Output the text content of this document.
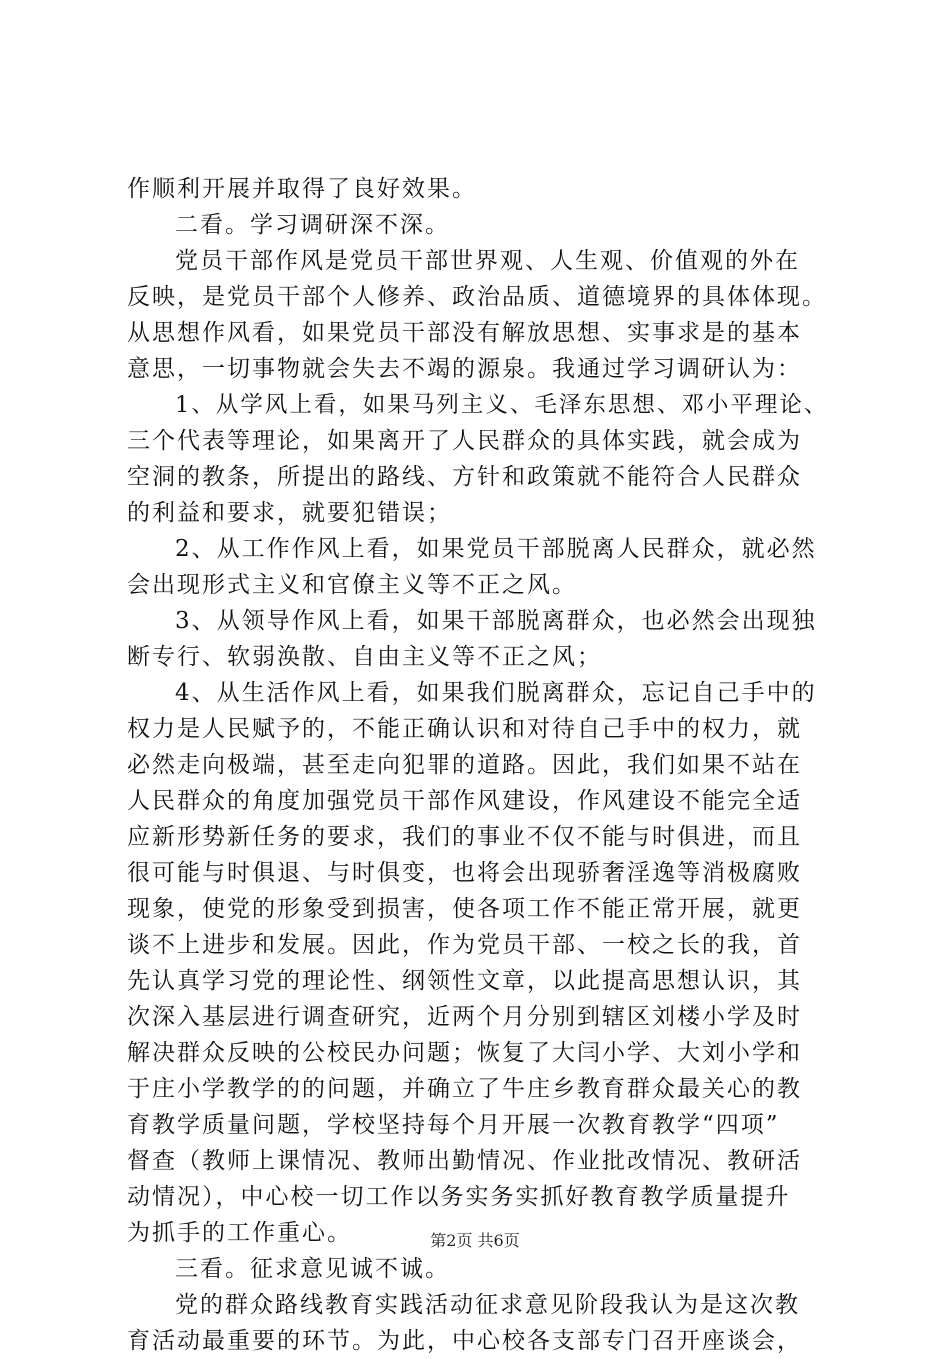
作顺利开展并取得了良好效果。
二看。学习调研深不深。
党员干部作风是党员干部世界观、人生观、价值观的外在
反映，是党员干部个人修养、政治品质、道德境界的具体体现。
从思想作风看，如果党员干部没有解放思想、实事求是的基本
意思，一切事物就会失去不竭的源泉。我通过学习调研认为：
1、从学风上看，如果马列主义、毛泽东思想、邓小平理论、
三个代表等理论，如果离开了人民群众的具体实践，就会成为
空洞的教条，所提出的路线、方针和政策就不能符合人民群众
的利益和要求，就要犯错误；
2、从工作作风上看，如果党员干部脱离人民群众，就必然
会出现形式主义和官僚主义等不正之风。
3、从领导作风上看，如果干部脱离群众，也必然会出现独
断专行、软弱涣散、自由主义等不正之风；
4、从生活作风上看，如果我们脱离群众，忘记自己手中的
权力是人民赋予的，不能正确认识和对待自己手中的权力，就
必然走向极端，甚至走向犯罪的道路。因此，我们如果不站在
人民群众的角度加强党员干部作风建设，作风建设不能完全适
应新形势新任务的要求，我们的事业不仅不能与时俱进，而且
很可能与时俱退、与时俱变，也将会出现骄奢淫逸等消极腐败
现象，使党的形象受到损害，使各项工作不能正常开展，就更
谈不上进步和发展。因此，作为党员干部、一校之长的我，首
先认真学习党的理论性、纲领性文章，以此提高思想认识，其
次深入基层进行调查研究，近两个月分别到辖区刘楼小学及时
解决群众反映的公校民办问题；恢复了大闫小学、大刘小学和
于庄小学教学的的问题，并确立了牛庄乡教育群众最关心的教
育教学质量问题，学校坚持每个月开展一次教育教学“四项”
督查（教师上课情况、教师出勤情况、作业批改情况、教研活
动情况），中心校一切工作以务实务实抓好教育教学质量提升
为抓手的工作重心。
三看。征求意见诚不诚。
党的群众路线教育实践活动征求意见阶段我认为是这次教
育活动最重要的环节。为此，中心校各支部专门召开座谈会，
第2页 共6页
